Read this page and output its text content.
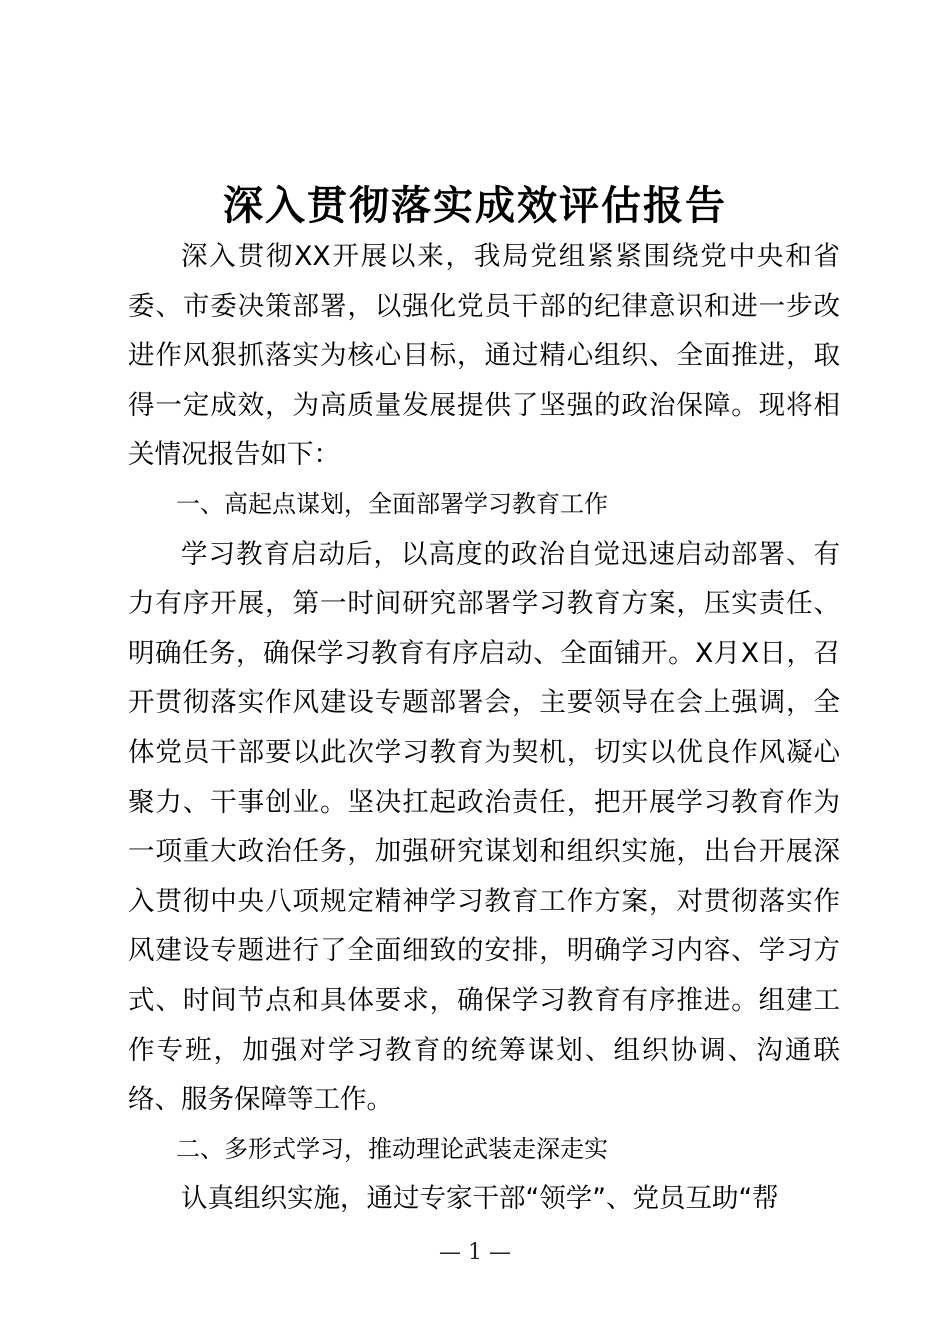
深入贯彻落实成效评估报告

深入贯彻XX开展以来，我局党组紧紧围绕党中央和省委、市委决策部署，以强化党员干部的纪律意识和进一步改进作风狠抓落实为核心目标，通过精心组织、全面推进，取得一定成效，为高质量发展提供了坚强的政治保障。现将相关情况报告如下：

一、高起点谋划，全面部署学习教育工作

学习教育启动后，以高度的政治自觉迅速启动部署、有力有序开展，第一时间研究部署学习教育方案，压实责任、明确任务，确保学习教育有序启动、全面铺开。X月X日，召开贯彻落实作风建设专题部署会，主要领导在会上强调，全体党员干部要以此次学习教育为契机，切实以优良作风凝心聚力、干事创业。坚决扛起政治责任，把开展学习教育作为一项重大政治任务，加强研究谋划和组织实施，出台开展深入贯彻中央八项规定精神学习教育工作方案，对贯彻落实作风建设专题进行了全面细致的安排，明确学习内容、学习方式、时间节点和具体要求，确保学习教育有序推进。组建工作专班，加强对学习教育的统筹谋划、组织协调、沟通联络、服务保障等工作。

二、多形式学习，推动理论武装走深走实

认真组织实施，通过专家干部“领学”、党员互助“帮

— 1 —
